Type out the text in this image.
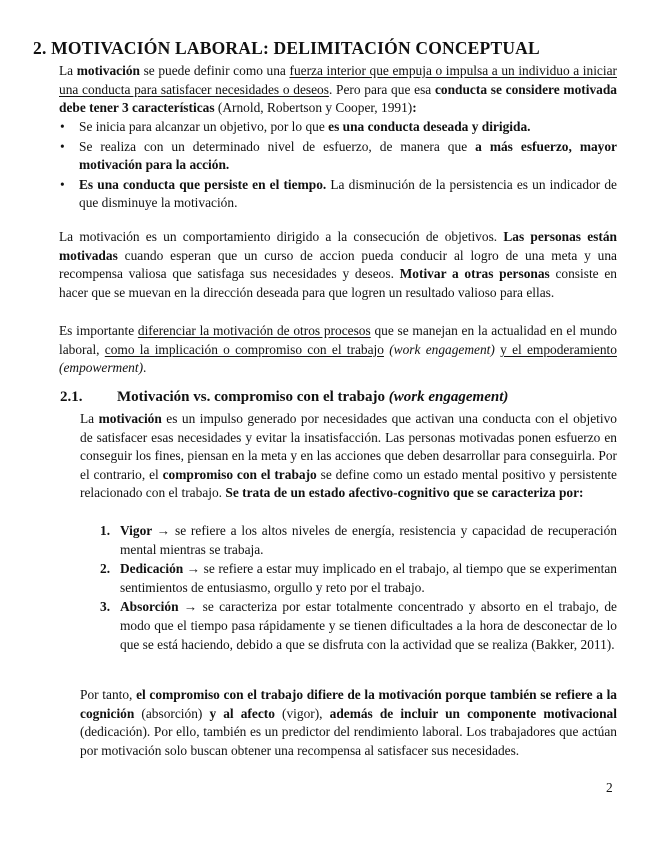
2. MOTIVACIÓN LABORAL: DELIMITACIÓN CONCEPTUAL
La motivación se puede definir como una fuerza interior que empuja o impulsa a un individuo a iniciar una conducta para satisfacer necesidades o deseos. Pero para que esa conducta se considere motivada debe tener 3 características (Arnold, Robertson y Cooper, 1991):
• Se inicia para alcanzar un objetivo, por lo que es una conducta deseada y dirigida.
• Se realiza con un determinado nivel de esfuerzo, de manera que a más esfuerzo, mayor motivación para la acción.
• Es una conducta que persiste en el tiempo. La disminución de la persistencia es un indicador de que disminuye la motivación.
La motivación es un comportamiento dirigido a la consecución de objetivos. Las personas están motivadas cuando esperan que un curso de accion pueda conducir al logro de una meta y una recompensa valiosa que satisfaga sus necesidades y deseos. Motivar a otras personas consiste en hacer que se muevan en la dirección deseada para que logren un resultado valioso para ellas.
Es importante diferenciar la motivación de otros procesos que se manejan en la actualidad en el mundo laboral, como la implicación o compromiso con el trabajo (work engagement) y el empoderamiento (empowerment).
2.1. Motivación vs. compromiso con el trabajo (work engagement)
La motivación es un impulso generado por necesidades que activan una conducta con el objetivo de satisfacer esas necesidades y evitar la insatisfacción. Las personas motivadas ponen esfuerzo en conseguir los fines, piensan en la meta y en las acciones que deben desarrollar para conseguirla. Por el contrario, el compromiso con el trabajo se define como un estado mental positivo y persistente relacionado con el trabajo. Se trata de un estado afectivo-cognitivo que se caracteriza por:
1. Vigor → se refiere a los altos niveles de energía, resistencia y capacidad de recuperación mental mientras se trabaja.
2. Dedicación → se refiere a estar muy implicado en el trabajo, al tiempo que se experimentan sentimientos de entusiasmo, orgullo y reto por el trabajo.
3. Absorción → se caracteriza por estar totalmente concentrado y absorto en el trabajo, de modo que el tiempo pasa rápidamente y se tienen dificultades a la hora de desconectar de lo que se está haciendo, debido a que se disfruta con la actividad que se realiza (Bakker, 2011).
Por tanto, el compromiso con el trabajo difiere de la motivación porque también se refiere a la cognición (absorción) y al afecto (vigor), además de incluir un componente motivacional (dedicación). Por ello, también es un predictor del rendimiento laboral. Los trabajadores que actúan por motivación solo buscan obtener una recompensa al satisfacer sus necesidades.
2
